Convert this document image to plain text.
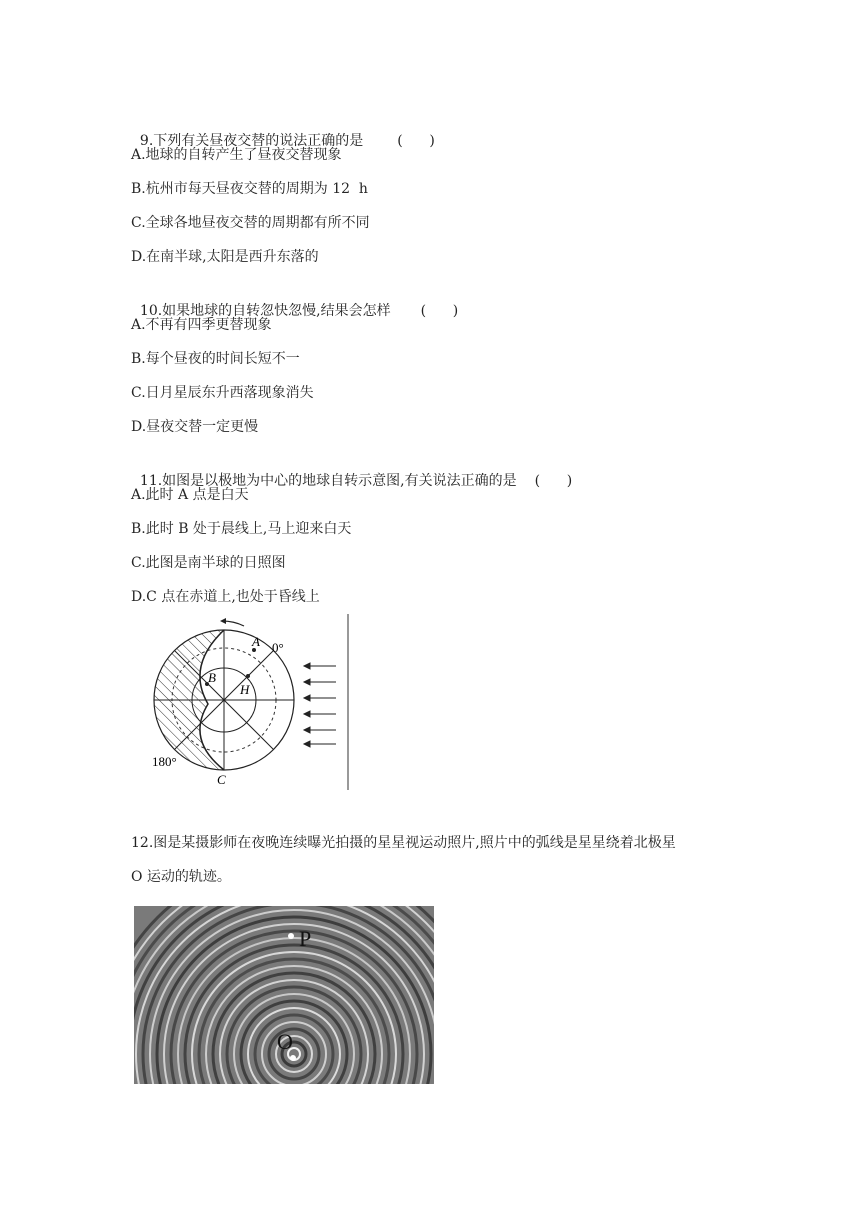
9.下列有关昼夜交替的说法正确的是 (      )

A.地球的自转产生了昼夜交替现象
B.杭州市每天昼夜交替的周期为 12  h
C.全球各地昼夜交替的周期都有所不同
D.在南半球,太阳是西升东落的

10.如果地球的自转忽快忽慢,结果会怎样 (      )

A.不再有四季更替现象
B.每个昼夜的时间长短不一
C.日月星辰东升西落现象消失
D.昼夜交替一定更慢

11.如图是以极地为中心的地球自转示意图,有关说法正确的是 (      )

A.此时 A 点是白天
B.此时 B 处于晨线上,马上迎来白天
C.此图是南半球的日照图
D.C 点在赤道上,也处于昏线上
A
B
H
C
0°
180°
12.图是某摄影师在夜晚连续曝光拍摄的星星视运动照片,照片中的弧线是星星绕着北极星
O 运动的轨迹。
P
O
